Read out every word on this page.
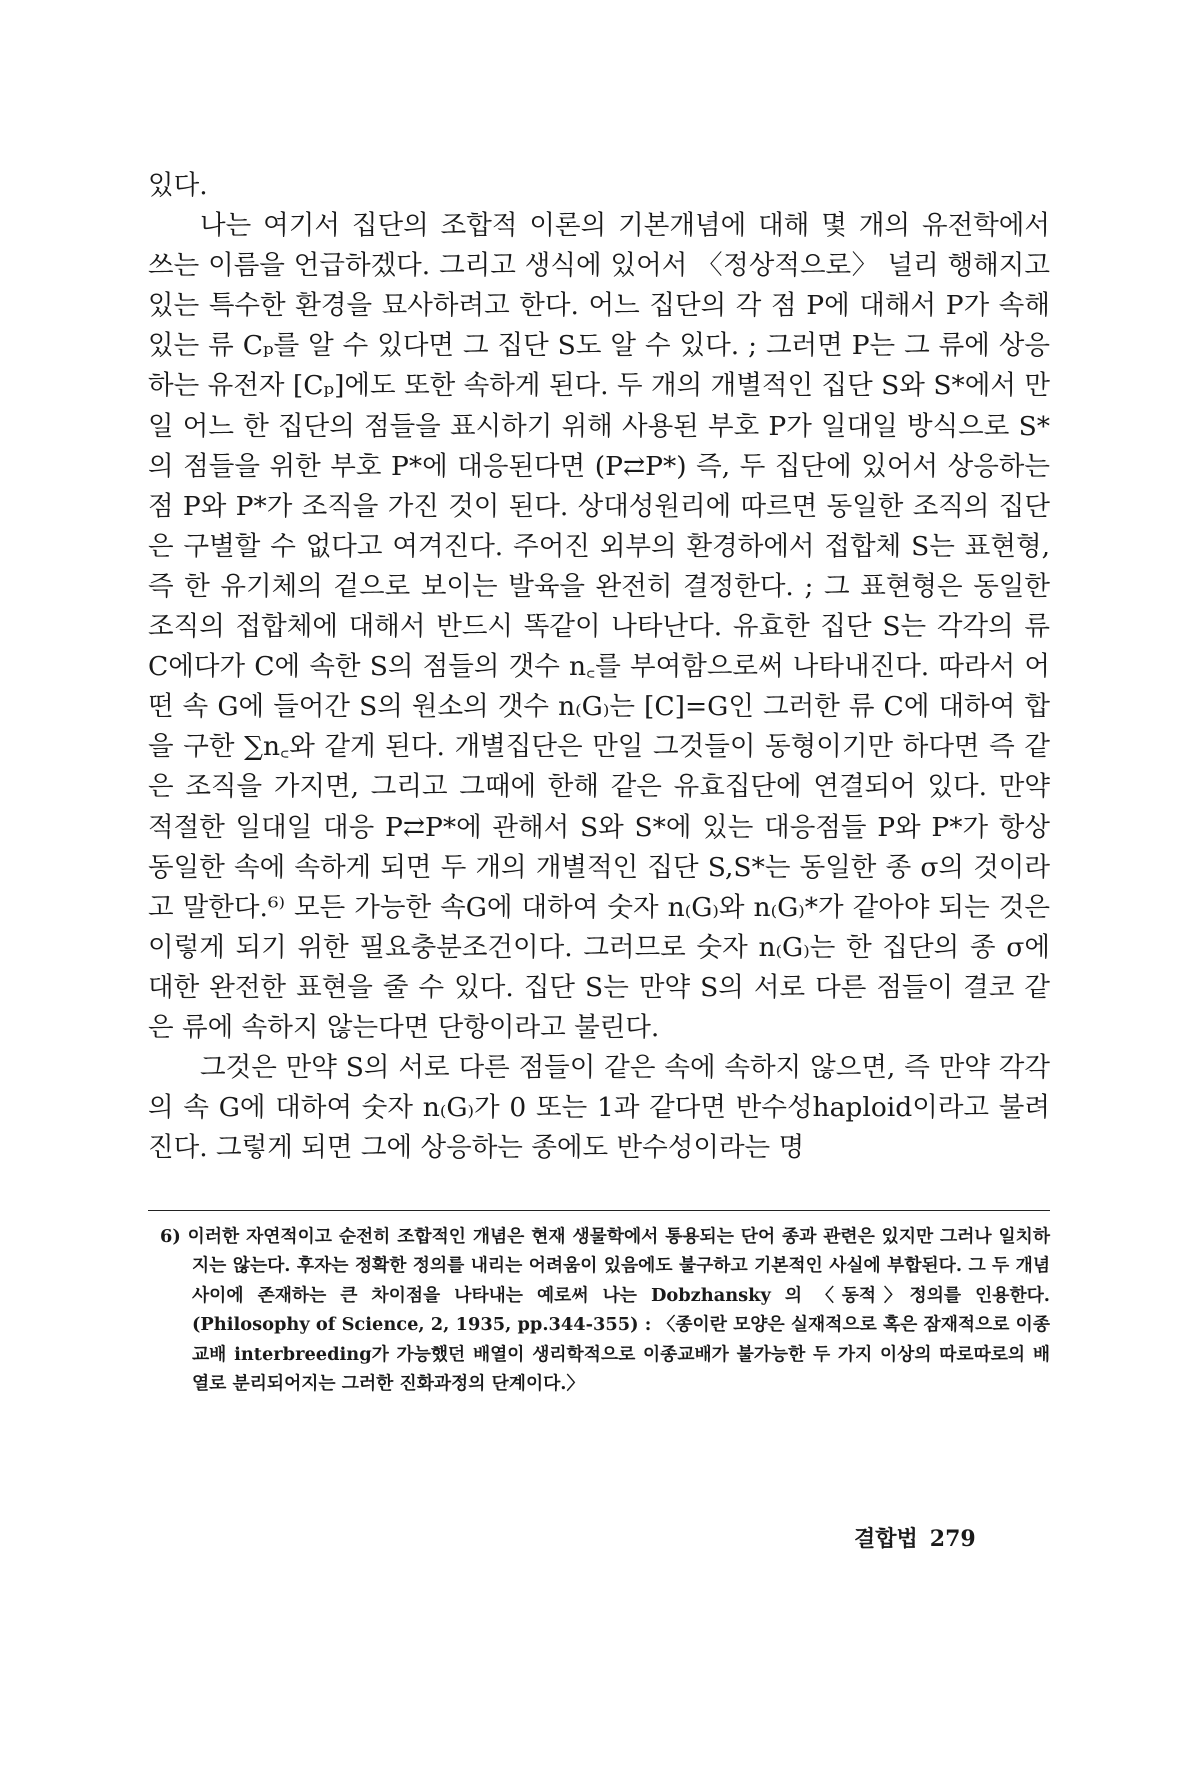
있다.

나는 여기서 집단의 조합적 이론의 기본개념에 대해 몇 개의 유전학에서 쓰는 이름을 언급하겠다. 그리고 생식에 있어서 〈정상적으로〉 널리 행해지고 있는 특수한 환경을 묘사하려고 한다. 어느 집단의 각 점 P에 대해서 P가 속해 있는 류 Cₚ를 알 수 있다면 그 집단 S도 알 수 있다. ; 그러면 P는 그 류에 상응하는 유전자 [Cₚ]에도 또한 속하게 된다. 두 개의 개별적인 집단 S와 S*에서 만일 어느 한 집단의 점들을 표시하기 위해 사용된 부호 P가 일대일 방식으로 S*의 점들을 위한 부호 P*에 대응된다면 (P⇄P*) 즉, 두 집단에 있어서 상응하는 점 P와 P*가 조직을 가진 것이 된다. 상대성원리에 따르면 동일한 조직의 집단은 구별할 수 없다고 여겨진다. 주어진 외부의 환경하에서 접합체 S는 표현형, 즉 한 유기체의 겉으로 보이는 발육을 완전히 결정한다. ; 그 표현형은 동일한 조직의 접합체에 대해서 반드시 똑같이 나타난다. 유효한 집단 S는 각각의 류 C에다가 C에 속한 S의 점들의 갯수 n꜀를 부여함으로써 나타내진다. 따라서 어떤 속 G에 들어간 S의 원소의 갯수 n₍G₎는 [C]=G인 그러한 류 C에 대하여 합을 구한 ∑n꜀와 같게 된다. 개별집단은 만일 그것들이 동형이기만 하다면 즉 같은 조직을 가지면, 그리고 그때에 한해 같은 유효집단에 연결되어 있다. 만약 적절한 일대일 대응 P⇄P*에 관해서 S와 S*에 있는 대응점들 P와 P*가 항상 동일한 속에 속하게 되면 두 개의 개별적인 집단 S,S*는 동일한 종 σ의 것이라고 말한다.⁶⁾ 모든 가능한 속G에 대하여 숫자 n₍G₎와 n₍G₎*가 같아야 되는 것은 이렇게 되기 위한 필요충분조건이다. 그러므로 숫자 n₍G₎는 한 집단의 종 σ에 대한 완전한 표현을 줄 수 있다. 집단 S는 만약 S의 서로 다른 점들이 결코 같은 류에 속하지 않는다면 단항이라고 불린다.

그것은 만약 S의 서로 다른 점들이 같은 속에 속하지 않으면, 즉 만약 각각의 속 G에 대하여 숫자 n₍G₎가 0 또는 1과 같다면 반수성haploid이라고 불려진다. 그렇게 되면 그에 상응하는 종에도 반수성이라는 명

6) 이러한 자연적이고 순전히 조합적인 개념은 현재 생물학에서 통용되는 단어 종과 관련은 있지만 그러나 일치하지는 않는다. 후자는 정확한 정의를 내리는 어려움이 있음에도 불구하고 기본적인 사실에 부합된다. 그 두 개념사이에 존재하는 큰 차이점을 나타내는 예로써 나는 Dobzhansky 의 〈동적〉정의를 인용한다. (Philosophy of Science, 2, 1935, pp.344-355) : 〈종이란 모양은 실재적으로 혹은 잠재적으로 이종교배 interbreeding가 가능했던 배열이 생리학적으로 이종교배가 불가능한 두 가지 이상의 따로따로의 배열로 분리되어지는 그러한 진화과정의 단계이다.〉

결합법 279
